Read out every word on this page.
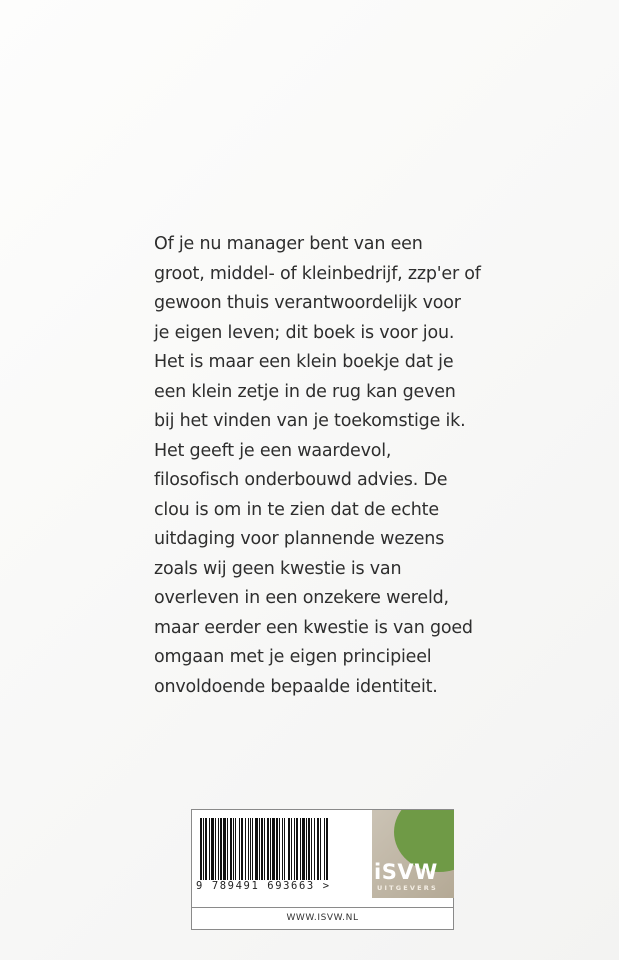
Of je nu manager bent van een
groot, middel- of kleinbedrijf, zzp'er of
gewoon thuis verantwoordelijk voor
je eigen leven; dit boek is voor jou.
Het is maar een klein boekje dat je
een klein zetje in de rug kan geven
bij het vinden van je toekomstige ik.
Het geeft je een waardevol,
filosofisch onderbouwd advies. De
clou is om in te zien dat de echte
uitdaging voor plannende wezens
zoals wij geen kwestie is van
overleven in een onzekere wereld,
maar eerder een kwestie is van goed
omgaan met je eigen principieel
onvoldoende bepaalde identiteit.
9 789491 693663 >
iSVW
UITGEVERS
WWW.ISVW.NL
